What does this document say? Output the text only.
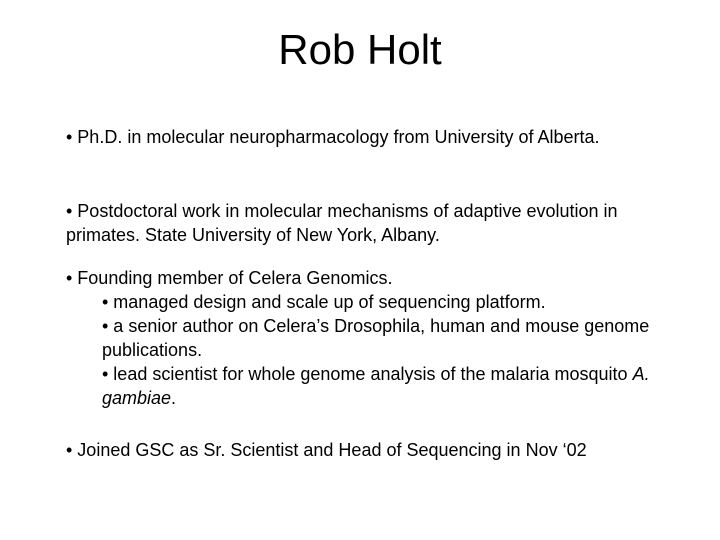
Rob Holt

• Ph.D. in molecular neuropharmacology from University of Alberta.

• Postdoctoral work in molecular mechanisms of adaptive evolution in primates. State University of New York, Albany.

• Founding member of Celera Genomics.
• managed design and scale up of sequencing platform.
• a senior author on Celera’s Drosophila, human and mouse genome publications.
• lead scientist for whole genome analysis of the malaria mosquito A. gambiae.

• Joined GSC as Sr. Scientist and Head of Sequencing in Nov ‘02
